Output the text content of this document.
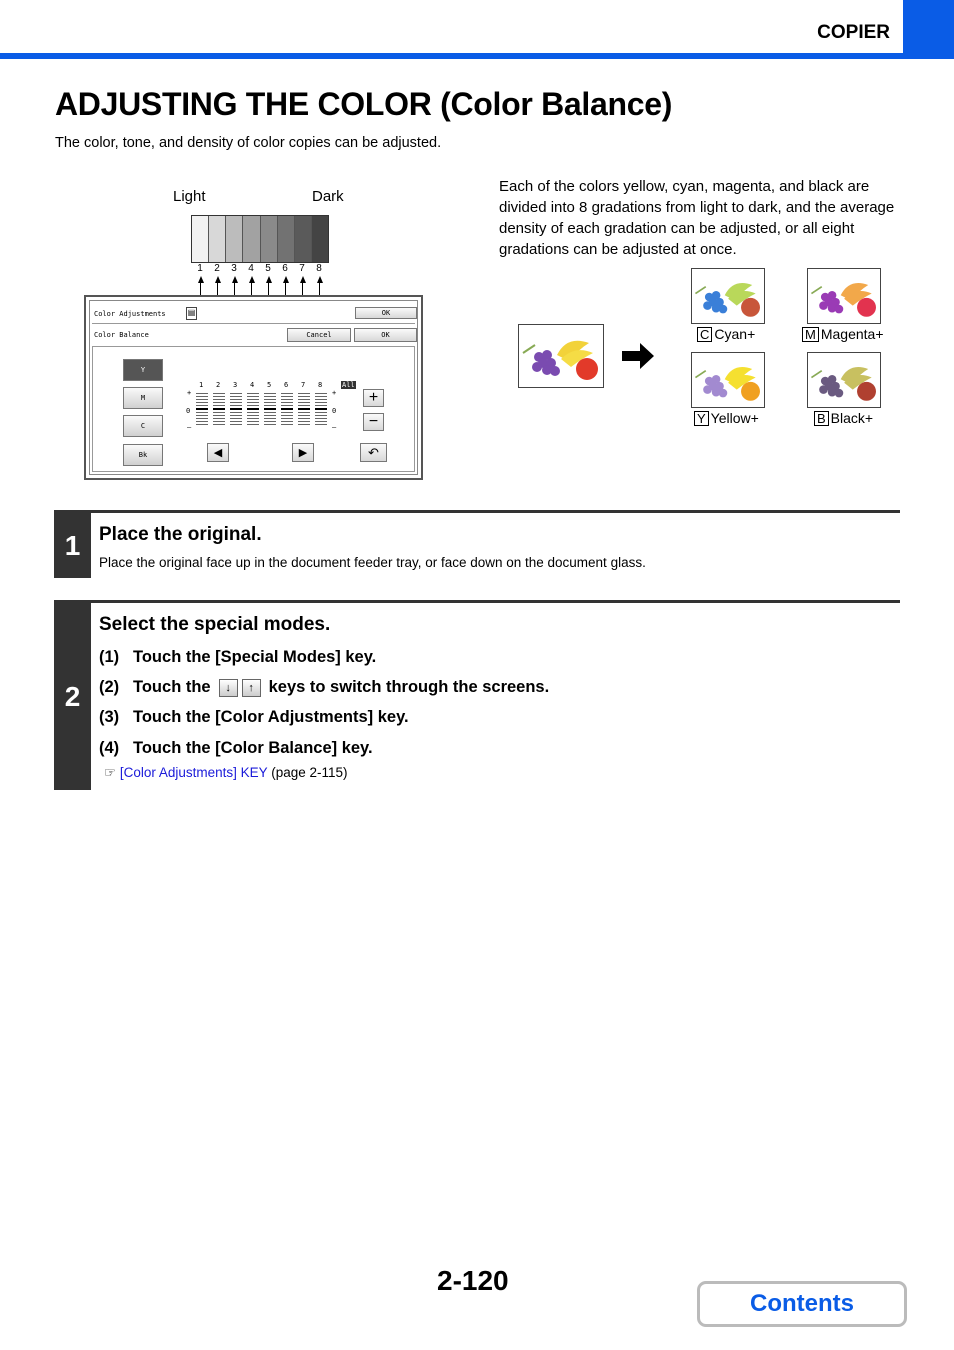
COPIER
ADJUSTING THE COLOR (Color Balance)
The color, tone, and density of color copies can be adjusted.
Light	Dark
1 2 3 4 5 6 7 8
Color Adjustments	▤	OK
Color Balance	Cancel	OK
Y
M
C
Bk
1 2 3 4 5 6 7 8	All
+	+
0	0
–	–
+
−
◀	▶	↶
Each of the colors yellow, cyan, magenta, and black are divided into 8 gradations from light to dark, and the average density of each gradation can be adjusted, or all eight gradations can be adjusted at once.
C Cyan+	M Magenta+
Y Yellow+	B Black+
1 Place the original.

Place the original face up in the document feeder tray, or face down on the document glass.

2
Select the special modes.
(1) Touch the [Special Modes] key.
(2) Touch the	↓	↑ keys to switch through the screens.
(3) Touch the [Color Adjustments] key.
(4) Touch the [Color Balance] key.
☞ [Color Adjustments] KEY (page 2-115)
2-120
Contents
